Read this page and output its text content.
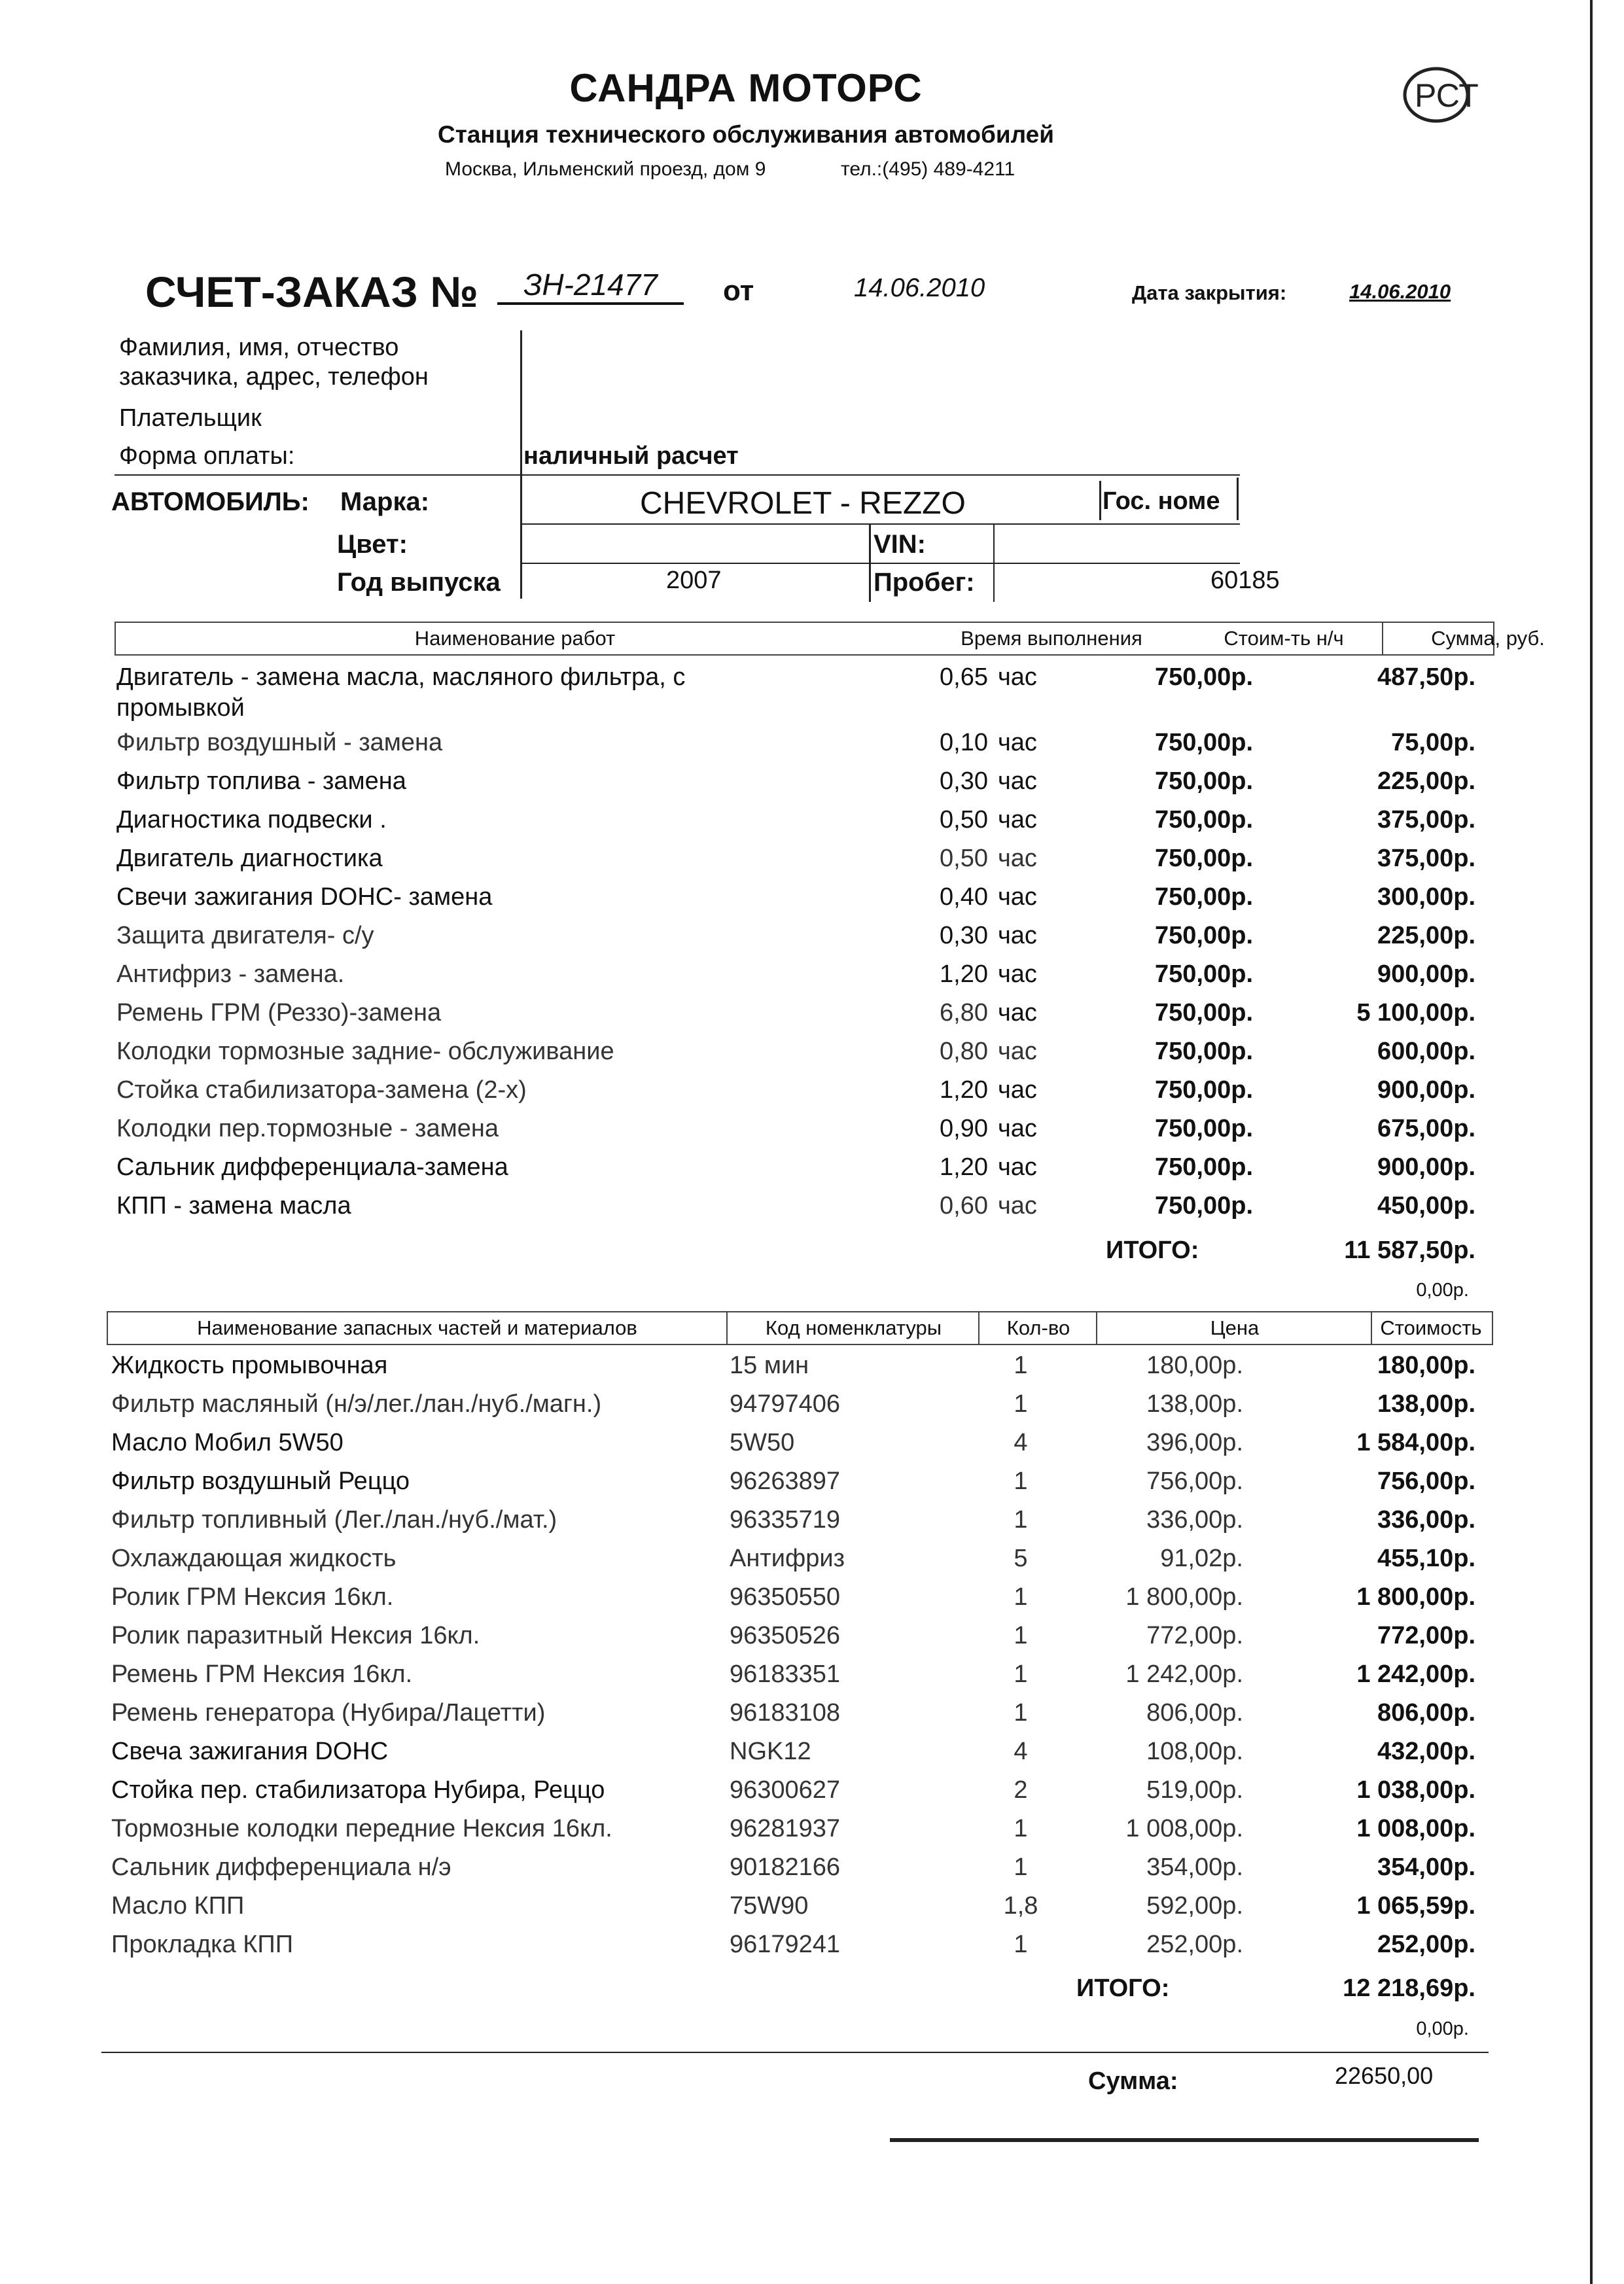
САНДРА МОТОРС
Станция технического обслуживания автомобилей
Москва, Ильменский проезд, дом 9	тел.:(495) 489-4211
РСТ
СЧЕТ-ЗАКАЗ №	ЗН-21477	от	14.06.2010	Дата закрытия:	14.06.2010
Фамилия, имя, отчество
заказчика, адрес, телефон
Плательщик
Форма оплаты:	наличный расчет
АВТОМОБИЛЬ: Марка:	CHEVROLET - REZZO	Гос. номе
Цвет:	VIN:
Год выпуска	2007	Пробег:	60185
Наименование работ	Время выполнения	Стоим-ть н/ч	Сумма, руб.
Двигатель - замена масла, масляного фильтра, с
промывкой
0,65 час	750,00р.	487,50р.
Фильтр воздушный - замена	0,10 час	750,00р.	75,00р.
Фильтр топлива - замена	0,30 час	750,00р.	225,00р.
Диагностика подвески .	0,50 час	750,00р.	375,00р.
Двигатель диагностика	0,50 час	750,00р.	375,00р.
Свечи зажигания DOHC- замена	0,40 час	750,00р.	300,00р.
Защита двигателя- с/у	0,30 час	750,00р.	225,00р.
Антифриз - замена.	1,20 час	750,00р.	900,00р.
Ремень ГРМ (Реззо)-замена	6,80 час	750,00р.	5 100,00р.
Колодки тормозные задние- обслуживание	0,80 час	750,00р.	600,00р.
Стойка стабилизатора-замена (2-х)	1,20 час	750,00р.	900,00р.
Колодки пер.тормозные - замена	0,90 час	750,00р.	675,00р.
Сальник дифференциала-замена	1,20 час	750,00р.	900,00р.
КПП - замена масла	0,60 час	750,00р.	450,00р.
ИТОГО:	11 587,50р.
0,00р.
Наименование запасных частей и материалов	Код номенклатуры	Кол-во	Цена	Стоимость
Жидкость промывочная	15 мин	1	180,00р.	180,00р.
Фильтр масляный (н/э/лег./лан./нуб./магн.)	94797406	1	138,00р.	138,00р.
Масло Мобил 5W50	5W50	4	396,00р.	1 584,00р.
Фильтр воздушный Реццо	96263897	1	756,00р.	756,00р.
Фильтр топливный (Лег./лан./нуб./мат.)	96335719	1	336,00р.	336,00р.
Охлаждающая жидкость	Антифриз	5	91,02р.	455,10р.
Ролик ГРМ Нексия 16кл.	96350550	1	1 800,00р.	1 800,00р.
Ролик паразитный Нексия 16кл.	96350526	1	772,00р.	772,00р.
Ремень ГРМ Нексия 16кл.	96183351	1	1 242,00р.	1 242,00р.
Ремень генератора (Нубира/Лацетти)	96183108	1	806,00р.	806,00р.
Свеча зажигания DOHC	NGK12	4	108,00р.	432,00р.
Стойка пер. стабилизатора Нубира, Реццо	96300627	2	519,00р.	1 038,00р.
Тормозные колодки передние Нексия 16кл.	96281937	1	1 008,00р.	1 008,00р.
Сальник дифференциала н/э	90182166	1	354,00р.	354,00р.
Масло КПП	75W90	1,8	592,00р.	1 065,59р.
Прокладка КПП	96179241	1	252,00р.	252,00р.
ИТОГО:	12 218,69р.
0,00р.
Сумма:	22650,00
